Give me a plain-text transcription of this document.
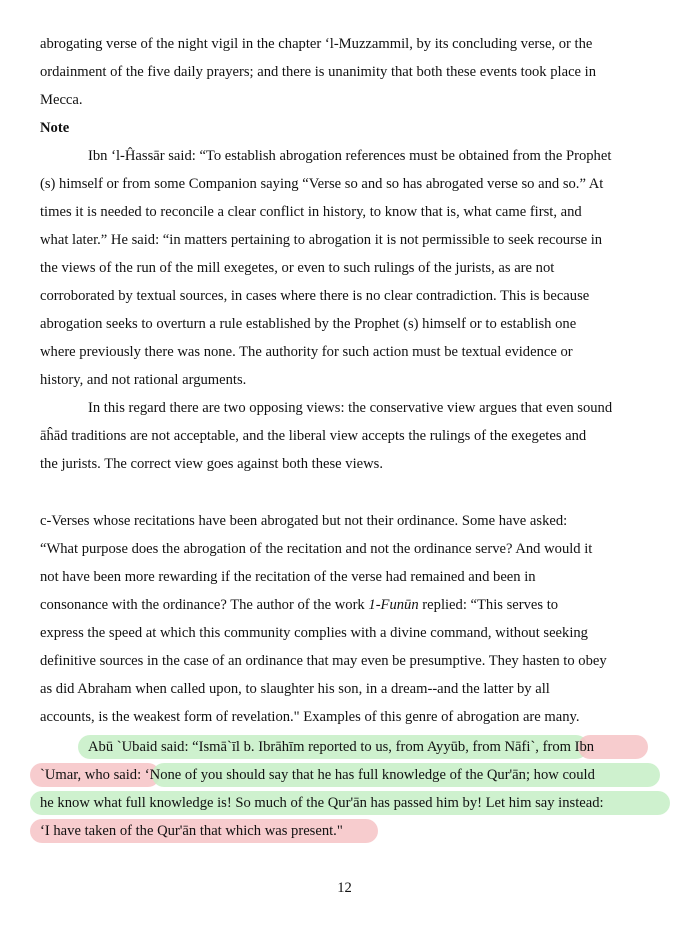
abrogating verse of the night vigil in the chapter ‘l-Muzzammil, by its concluding verse, or the
ordainment of the five daily prayers; and there is unanimity that both these events took place in
Mecca.
Note
Ibn ‘l-Ĥassār said: “To establish abrogation references must be obtained from the Prophet
(s) himself or from some Companion saying “Verse so and so has abrogated verse so and so.” At
times it is needed to reconcile a clear conflict in history, to know that is, what came first, and
what later.” He said: “in matters pertaining to abrogation it is not permissible to seek recourse in
the views of the run of the mill exegetes, or even to such rulings of the jurists, as are not
corroborated by textual sources, in cases where there is no clear contradiction. This is because
abrogation seeks to overturn a rule established by the Prophet (s) himself or to establish one
where previously there was none. The authority for such action must be textual evidence or
history, and not rational arguments.
In this regard there are two opposing views: the conservative view argues that even sound
āĥād traditions are not acceptable, and the liberal view accepts the rulings of the exegetes and
the jurists. The correct view goes against both these views.
c-Verses whose recitations have been abrogated but not their ordinance. Some have asked:
“What purpose does the abrogation of the recitation and not the ordinance serve? And would it
not have been more rewarding if the recitation of the verse had remained and been in
consonance with the ordinance? The author of the work 1-Funūn replied: “This serves to
express the speed at which this community complies with a divine command, without seeking
definitive sources in the case of an ordinance that may even be presumptive. They hasten to obey
as did Abraham when called upon, to slaughter his son, in a dream--and the latter by all
accounts, is the weakest form of revelation." Examples of this genre of abrogation are many.
Abū `Ubaid said: “Ismā`īl b. Ibrāhīm reported to us, from Ayyūb, from Nāfi`, from Ibn
`Umar, who said: ‘None of you should say that he has full knowledge of the Qur'ān; how could
he know what full knowledge is! So much of the Qur'ān has passed him by! Let him say instead:
‘I have taken of the Qur'ān that which was present."
12
